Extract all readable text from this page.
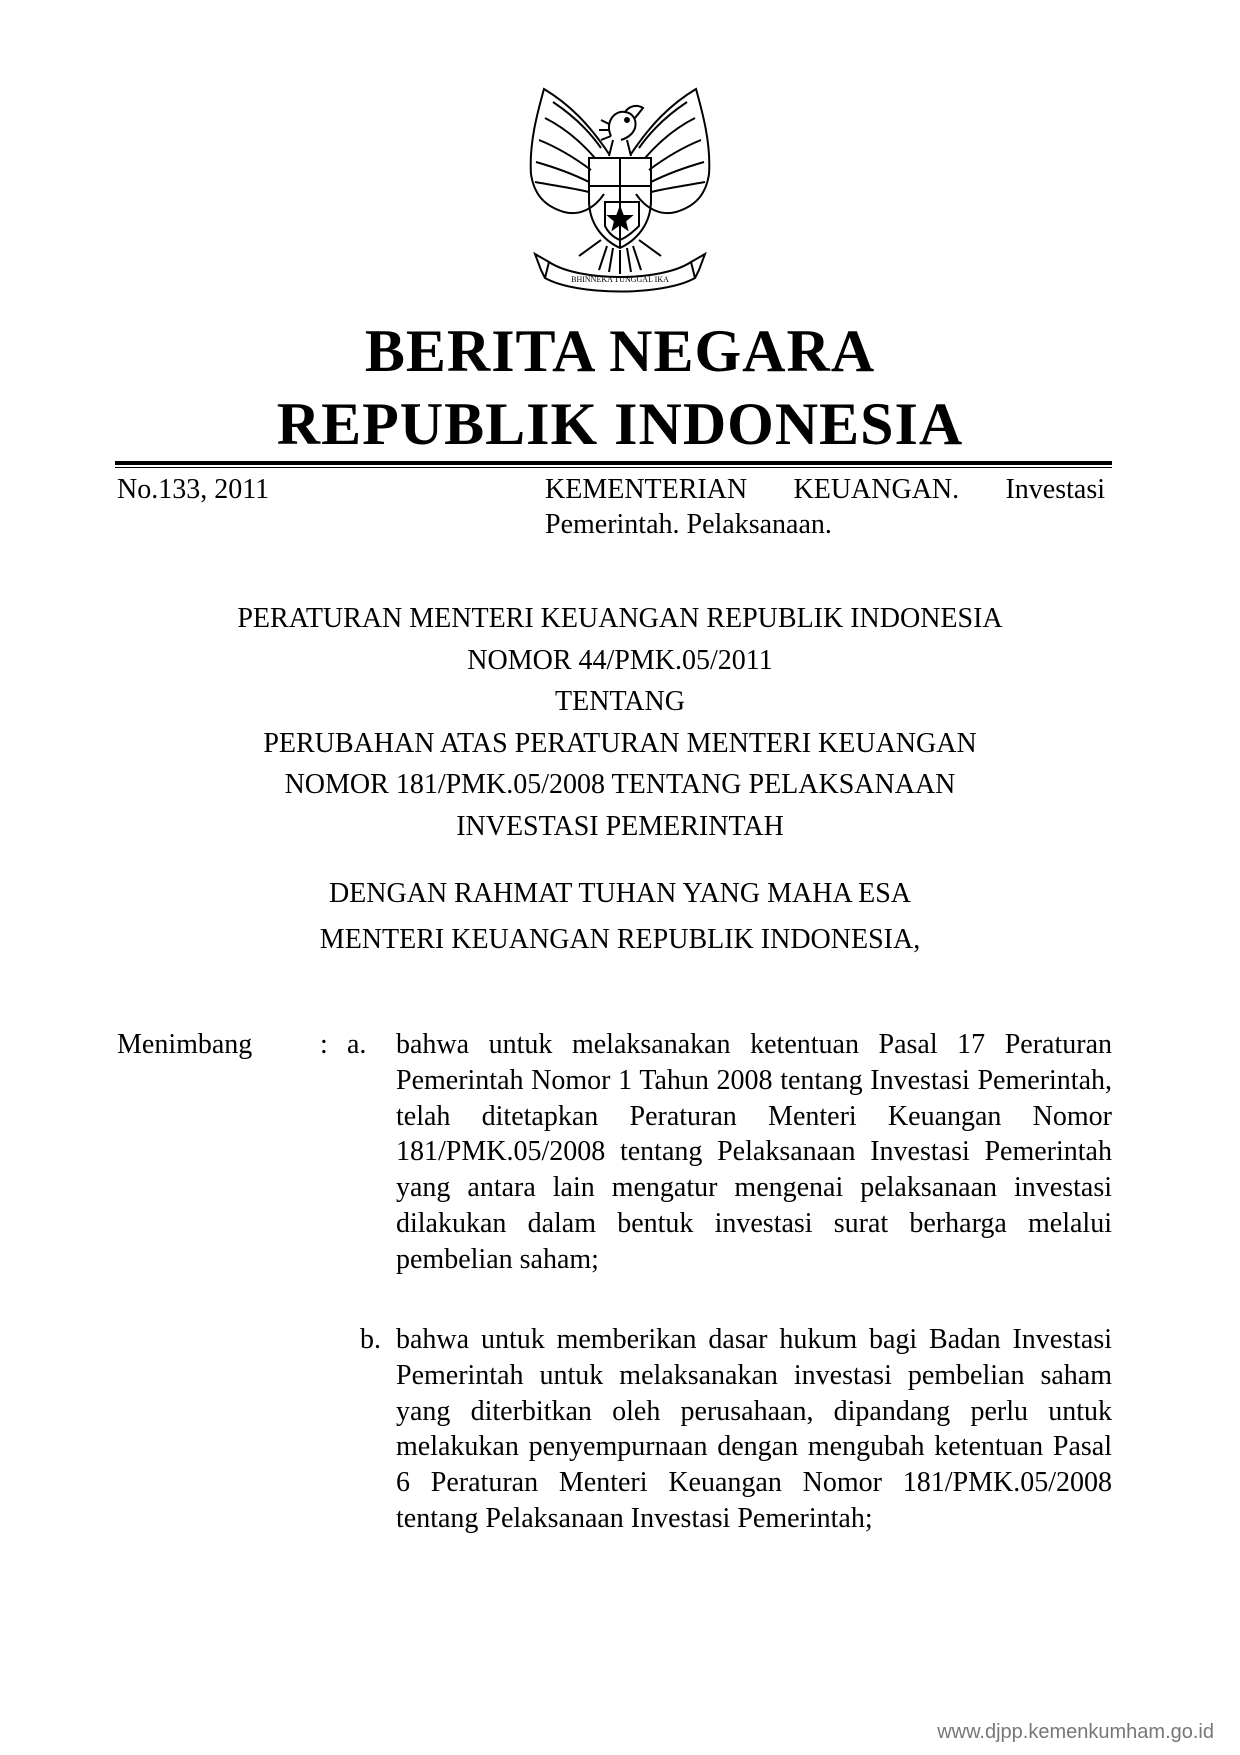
BHINNEKA TUNGGAL IKA
BERITA NEGARA
REPUBLIK INDONESIA
No.133, 2011	KEMENTERIAN KEUANGAN. Investasi Pemerintah. Pelaksanaan.
PERATURAN MENTERI KEUANGAN REPUBLIK INDONESIA
NOMOR 44/PMK.05/2011
TENTANG
PERUBAHAN ATAS PERATURAN MENTERI KEUANGAN
NOMOR 181/PMK.05/2008 TENTANG PELAKSANAAN
INVESTASI PEMERINTAH
DENGAN RAHMAT TUHAN YANG MAHA ESA
MENTERI KEUANGAN REPUBLIK INDONESIA,
Menimbang : a. bahwa untuk melaksanakan ketentuan Pasal 17 Peraturan Pemerintah Nomor 1 Tahun 2008 tentang Investasi Pemerintah, telah ditetapkan Peraturan Menteri Keuangan Nomor 181/PMK.05/2008 tentang Pelaksanaan Investasi Pemerintah yang antara lain mengatur mengenai pelaksanaan investasi dilakukan dalam bentuk investasi surat berharga melalui pembelian saham;
b. bahwa untuk memberikan dasar hukum bagi Badan Investasi Pemerintah untuk melaksanakan investasi pembelian saham yang diterbitkan oleh perusahaan, dipandang perlu untuk melakukan penyempurnaan dengan mengubah ketentuan Pasal 6 Peraturan Menteri Keuangan Nomor 181/PMK.05/2008 tentang Pelaksanaan Investasi Pemerintah;
www.djpp.kemenkumham.go.id
